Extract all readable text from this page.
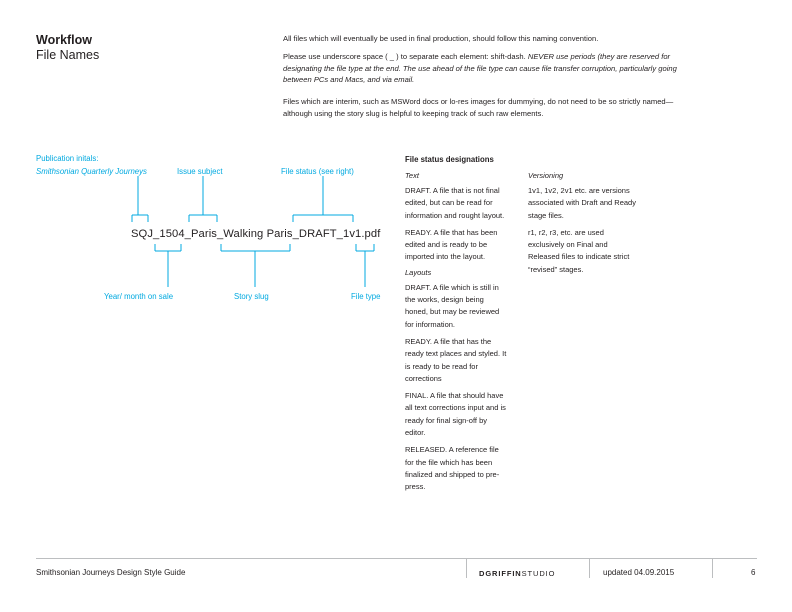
Workflow
File Names

All files which will eventually be used in final production, should follow this naming convention.

Please use underscore space ( _ ) to separate each element: shift-dash. NEVER use periods (they are reserved for designating the file type at the end. The use ahead of the file type can cause file transfer corruption, particularly going between PCs and Macs, and via email.

Files which are interim, such as MSWord docs or lo-res images for dummying, do not need to be so strictly named— although using the story slug is helpful to keeping track of such raw elements.

Publication initals:
Smithsonian Quarterly Journeys	Issue subject	File status (see right)
SQJ_1504_Paris_Walking Paris_DRAFT_1v1.pdf
Year/ month on sale	Story slug	File type
File status designations
Text

DRAFT. A file that is not final edited, but can be read for information and rought layout.

READY. A file that has been edited and is ready to be imported into the layout.

Layouts

DRAFT. A file which is still in the works, design being honed, but may be reviewed for information.

READY. A file that has the ready text places and styled. It is ready to be read for corrections

FINAL. A file that should have all text corrections input and is ready for final sign-off by editor.

RELEASED. A reference file for the file which has been finalized and shipped to pre-press.

Versioning

1v1, 1v2, 2v1 etc. are versions associated with Draft and Ready stage files.

r1, r2, r3, etc. are used exclusively on Final and Released files to indicate strict “revised” stages.

Smithsonian Journeys Design Style Guide	DGRIFFINSTUDIO	updated 04.09.2015	6
